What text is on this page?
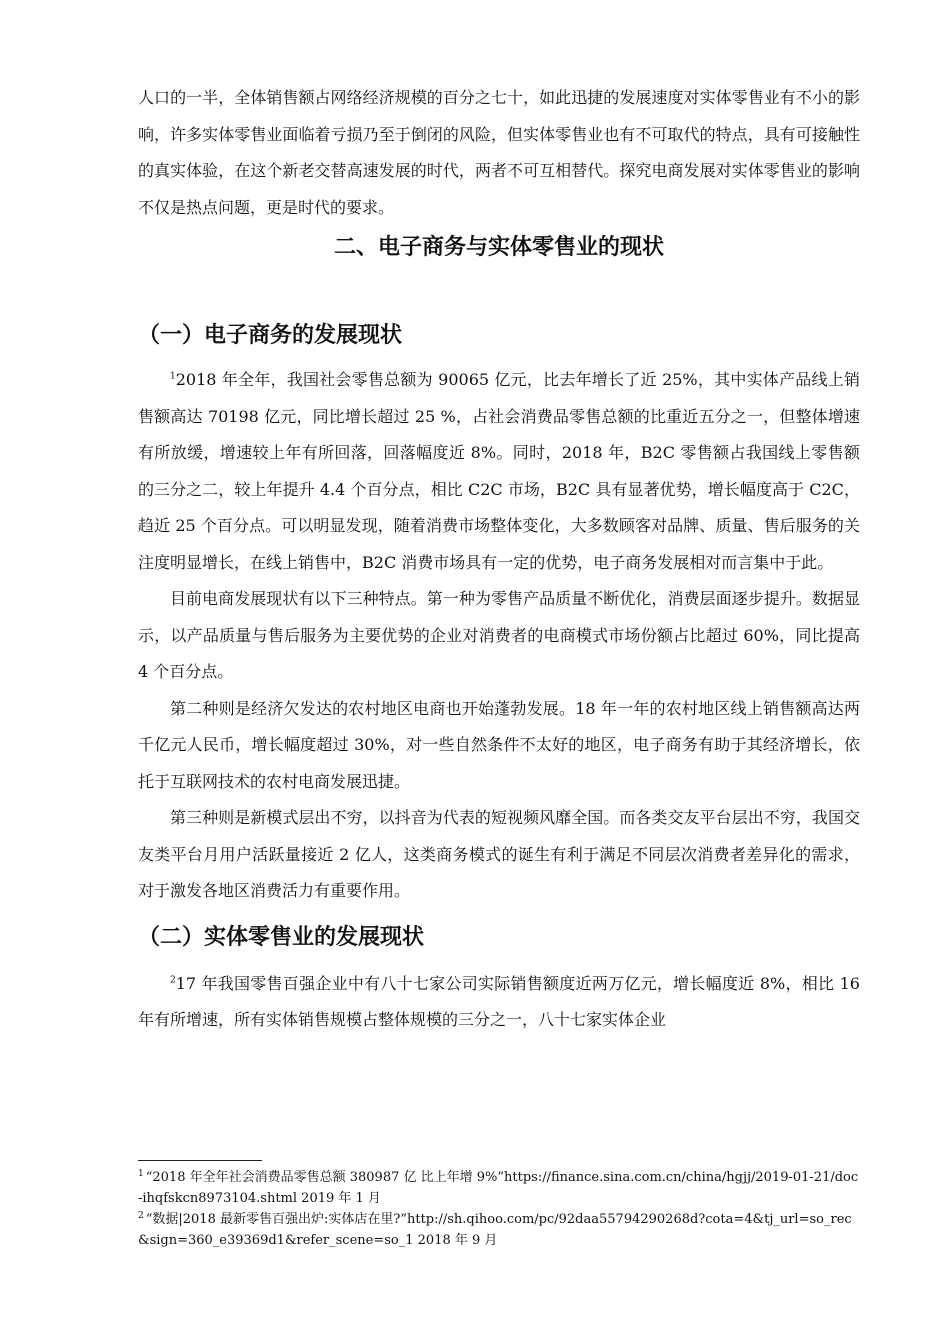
人口的一半，全体销售额占网络经济规模的百分之七十，如此迅捷的发展速度对实体零售业有不小的影响，许多实体零售业面临着亏损乃至于倒闭的风险，但实体零售业也有不可取代的特点，具有可接触性的真实体验，在这个新老交替高速发展的时代，两者不可互相替代。探究电商发展对实体零售业的影响不仅是热点问题，更是时代的要求。

二、电子商务与实体零售业的现状
（一）电子商务的发展现状

$^1$2018 年全年，我国社会零售总额为 90065 亿元，比去年增长了近 25%，其中实体产品线上销售额高达 70198 亿元，同比增长超过 25 %，占社会消费品零售总额的比重近五分之一，但整体增速有所放缓，增速较上年有所回落，回落幅度近 8%。同时，2018 年，B2C 零售额占我国线上零售额的三分之二，较上年提升 4.4 个百分点，相比 C2C 市场，B2C 具有显著优势，增长幅度高于 C2C，趋近 25 个百分点。可以明显发现，随着消费市场整体变化，大多数顾客对品牌、质量、售后服务的关注度明显增长，在线上销售中，B2C 消费市场具有一定的优势，电子商务发展相对而言集中于此。

目前电商发展现状有以下三种特点。第一种为零售产品质量不断优化，消费层面逐步提升。数据显示，以产品质量与售后服务为主要优势的企业对消费者的电商模式市场份额占比超过 60%，同比提高 4 个百分点。

第二种则是经济欠发达的农村地区电商也开始蓬勃发展。18 年一年的农村地区线上销售额高达两千亿元人民币，增长幅度超过 30%，对一些自然条件不太好的地区，电子商务有助于其经济增长，依托于互联网技术的农村电商发展迅捷。

第三种则是新模式层出不穷，以抖音为代表的短视频风靡全国。而各类交友平台层出不穷，我国交友类平台月用户活跃量接近 2 亿人，这类商务模式的诞生有利于满足不同层次消费者差异化的需求，对于激发各地区消费活力有重要作用。

（二）实体零售业的发展现状

$^2$17 年我国零售百强企业中有八十七家公司实际销售额度近两万亿元，增长幅度近 8%，相比 16 年有所增速，所有实体销售规模占整体规模的三分之一，八十七家实体企业

$^1$ “2018 年全年社会消费品零售总额 380987 亿 比上年增 9%”https://finance.sina.com.cn/china/hgjj/2019-01-21/doc-ihqfskcn8973104.shtml 2019 年 1 月

$^2$ “数据|2018 最新零售百强出炉:实体店在里?”http://sh.qihoo.com/pc/92daa55794290268d?cota=4&tj_url=so_rec&sign=360_e39369d1&refer_scene=so_1 2018 年 9 月
